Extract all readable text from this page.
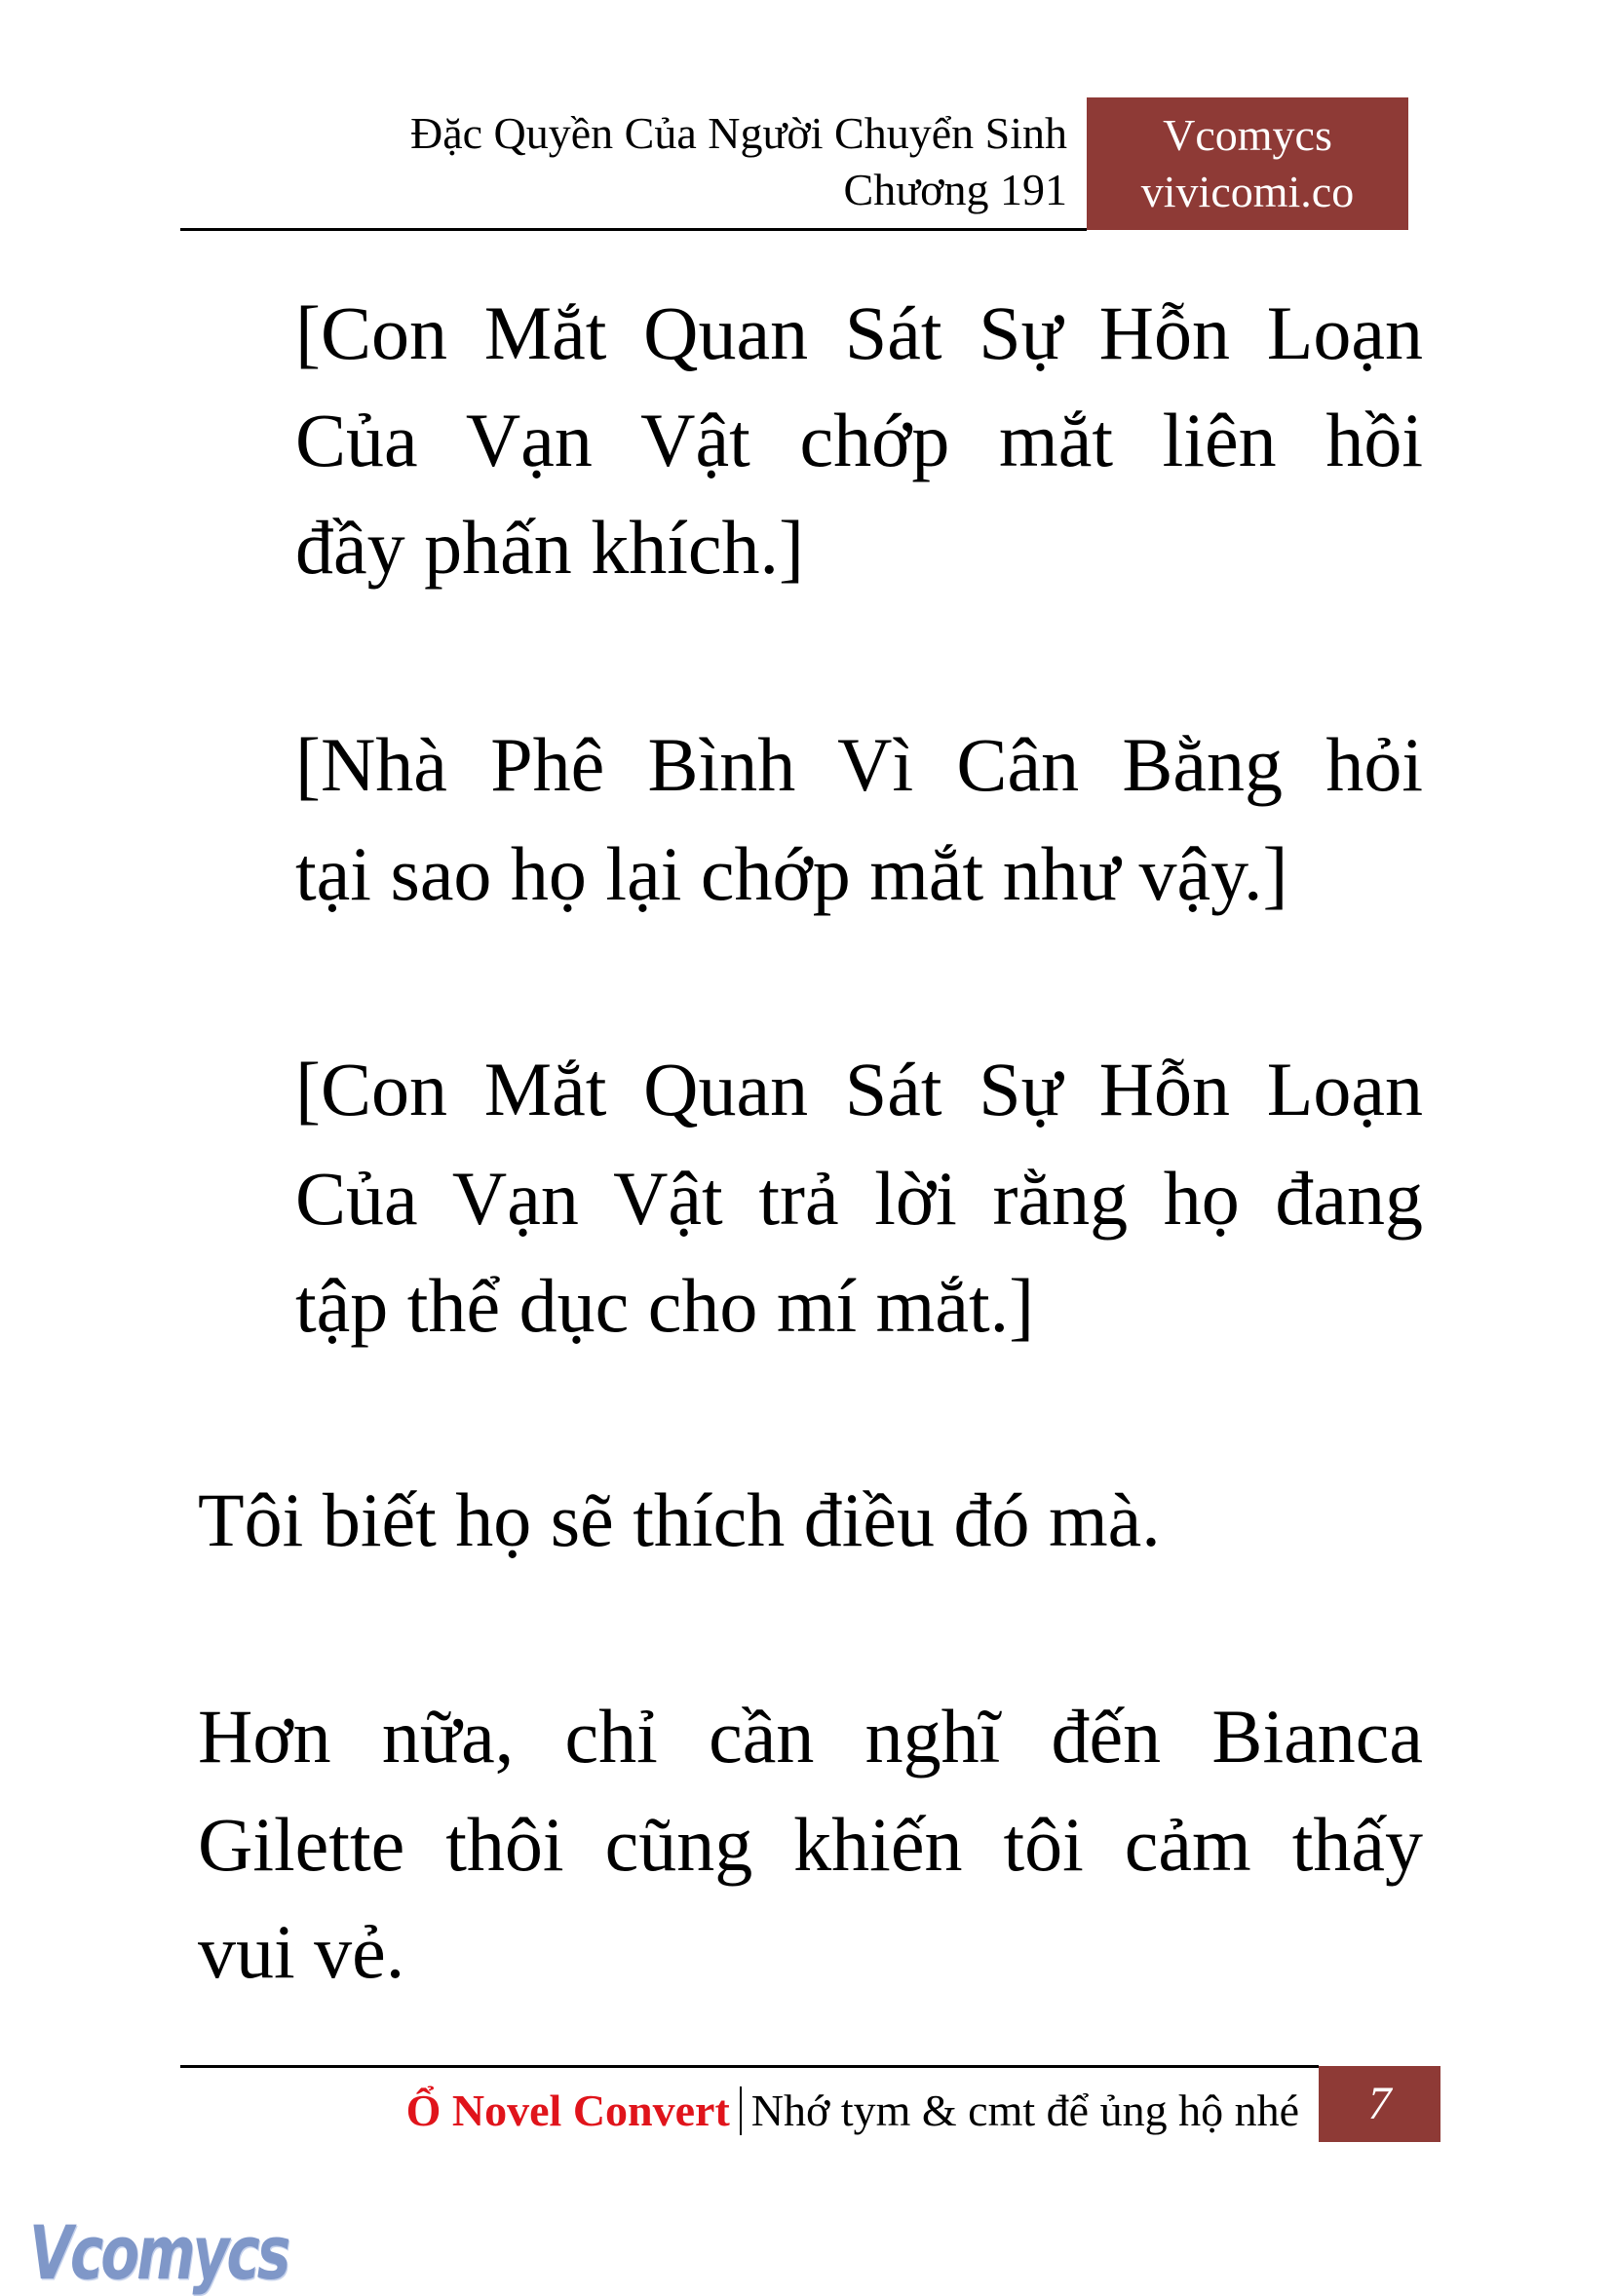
Đặc Quyền Của Người Chuyển Sinh
Chương 191
Vcomycs
vivicomi.co
[Con Mắt Quan Sát Sự Hỗn Loạn
Của Vạn Vật chớp mắt liên hồi
đầy phấn khích.]
[Nhà Phê Bình Vì Cân Bằng hỏi
tại sao họ lại chớp mắt như vậy.]
[Con Mắt Quan Sát Sự Hỗn Loạn
Của Vạn Vật trả lời rằng họ đang
tập thể dục cho mí mắt.]
Tôi biết họ sẽ thích điều đó mà.
Hơn nữa, chỉ cần nghĩ đến Bianca
Gilette thôi cũng khiến tôi cảm thấy
vui vẻ.
Ổ Novel Convert Nhớ tym & cmt để ủng hộ nhé	7
Vcomycs
